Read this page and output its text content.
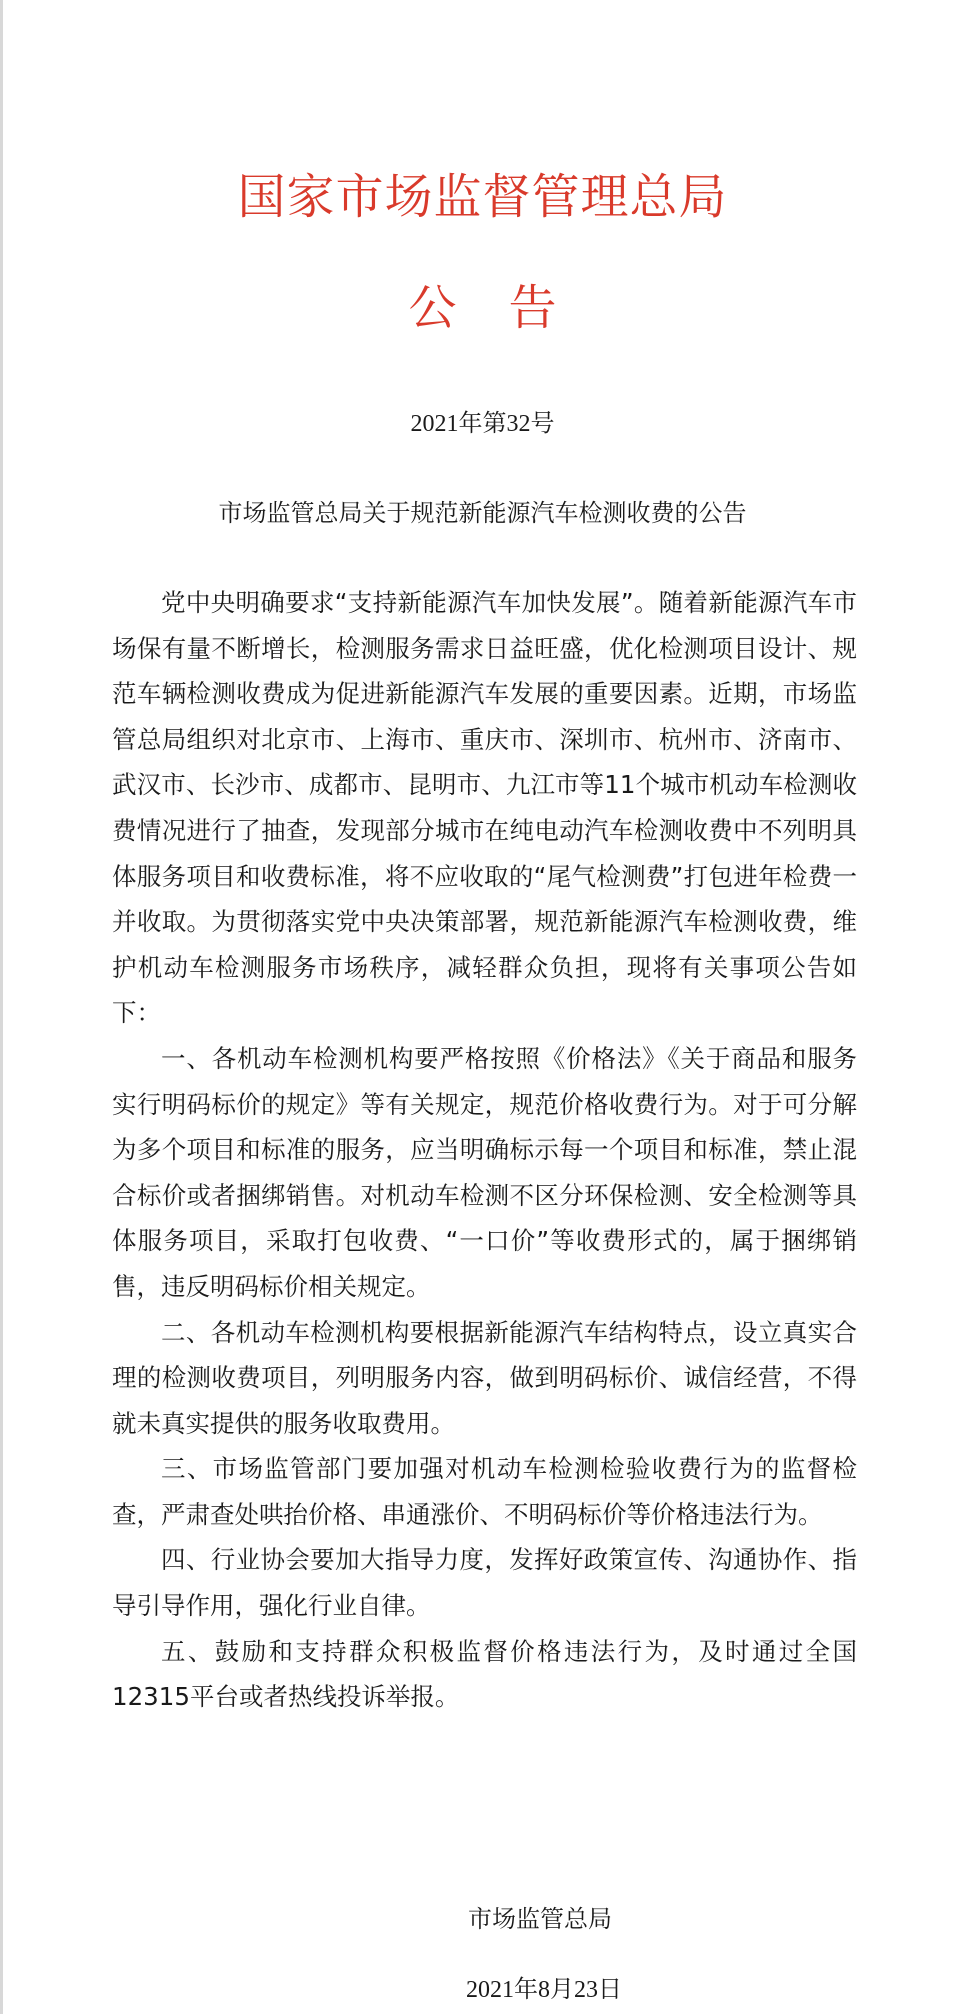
国家市场监督管理总局
公 告
2021年第32号
市场监管总局关于规范新能源汽车检测收费的公告

党中央明确要求“支持新能源汽车加快发展”。随着新能源汽车市场保有量不断增长，检测服务需求日益旺盛，优化检测项目设计、规范车辆检测收费成为促进新能源汽车发展的重要因素。近期，市场监管总局组织对北京市、上海市、重庆市、深圳市、杭州市、济南市、武汉市、长沙市、成都市、昆明市、九江市等11个城市机动车检测收费情况进行了抽查，发现部分城市在纯电动汽车检测收费中不列明具体服务项目和收费标准，将不应收取的“尾气检测费”打包进年检费一并收取。为贯彻落实党中央决策部署，规范新能源汽车检测收费，维护机动车检测服务市场秩序，减轻群众负担，现将有关事项公告如下：

一、各机动车检测机构要严格按照《价格法》《关于商品和服务实行明码标价的规定》等有关规定，规范价格收费行为。对于可分解为多个项目和标准的服务，应当明确标示每一个项目和标准，禁止混合标价或者捆绑销售。对机动车检测不区分环保检测、安全检测等具体服务项目，采取打包收费、“一口价”等收费形式的，属于捆绑销售，违反明码标价相关规定。

二、各机动车检测机构要根据新能源汽车结构特点，设立真实合理的检测收费项目，列明服务内容，做到明码标价、诚信经营，不得就未真实提供的服务收取费用。

三、市场监管部门要加强对机动车检测检验收费行为的监督检查，严肃查处哄抬价格、串通涨价、不明码标价等价格违法行为。

四、行业协会要加大指导力度，发挥好政策宣传、沟通协作、指导引导作用，强化行业自律。

五、鼓励和支持群众积极监督价格违法行为，及时通过全国12315平台或者热线投诉举报。

市场监管总局
2021年8月23日
